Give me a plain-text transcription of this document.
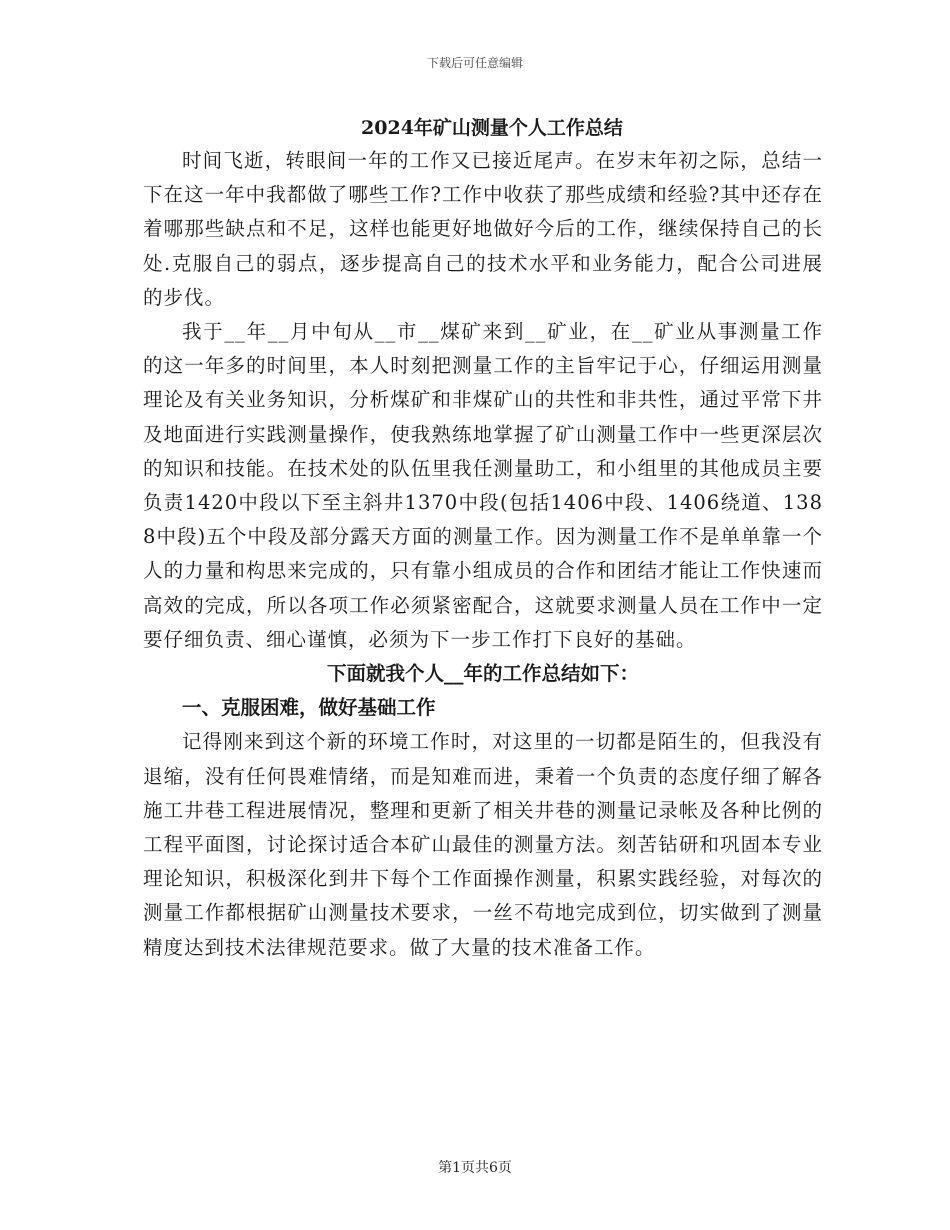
下载后可任意编辑
2024年矿山测量个人工作总结

时间飞逝，转眼间一年的工作又已接近尾声。在岁末年初之际，总结一下在这一年中我都做了哪些工作?工作中收获了那些成绩和经验?其中还存在着哪那些缺点和不足，这样也能更好地做好今后的工作，继续保持自己的长处.克服自己的弱点，逐步提高自己的技术水平和业务能力，配合公司进展的步伐。

我于__年__月中旬从__市__煤矿来到__矿业，在__矿业从事测量工作的这一年多的时间里，本人时刻把测量工作的主旨牢记于心，仔细运用测量理论及有关业务知识，分析煤矿和非煤矿山的共性和非共性，通过平常下井及地面进行实践测量操作，使我熟练地掌握了矿山测量工作中一些更深层次的知识和技能。在技术处的队伍里我任测量助工，和小组里的其他成员主要负责1420中段以下至主斜井1370中段(包括1406中段、1406绕道、1388中段)五个中段及部分露天方面的测量工作。因为测量工作不是单单靠一个人的力量和构思来完成的，只有靠小组成员的合作和团结才能让工作快速而高效的完成，所以各项工作必须紧密配合，这就要求测量人员在工作中一定要仔细负责、细心谨慎，必须为下一步工作打下良好的基础。

下面就我个人__年的工作总结如下：

一、克服困难，做好基础工作

记得刚来到这个新的环境工作时，对这里的一切都是陌生的，但我没有退缩，没有任何畏难情绪，而是知难而进，秉着一个负责的态度仔细了解各施工井巷工程进展情况，整理和更新了相关井巷的测量记录帐及各种比例的工程平面图，讨论探讨适合本矿山最佳的测量方法。刻苦钻研和巩固本专业理论知识，积极深化到井下每个工作面操作测量，积累实践经验，对每次的测量工作都根据矿山测量技术要求，一丝不苟地完成到位，切实做到了测量精度达到技术法律规范要求。做了大量的技术准备工作。

第1页共6页
